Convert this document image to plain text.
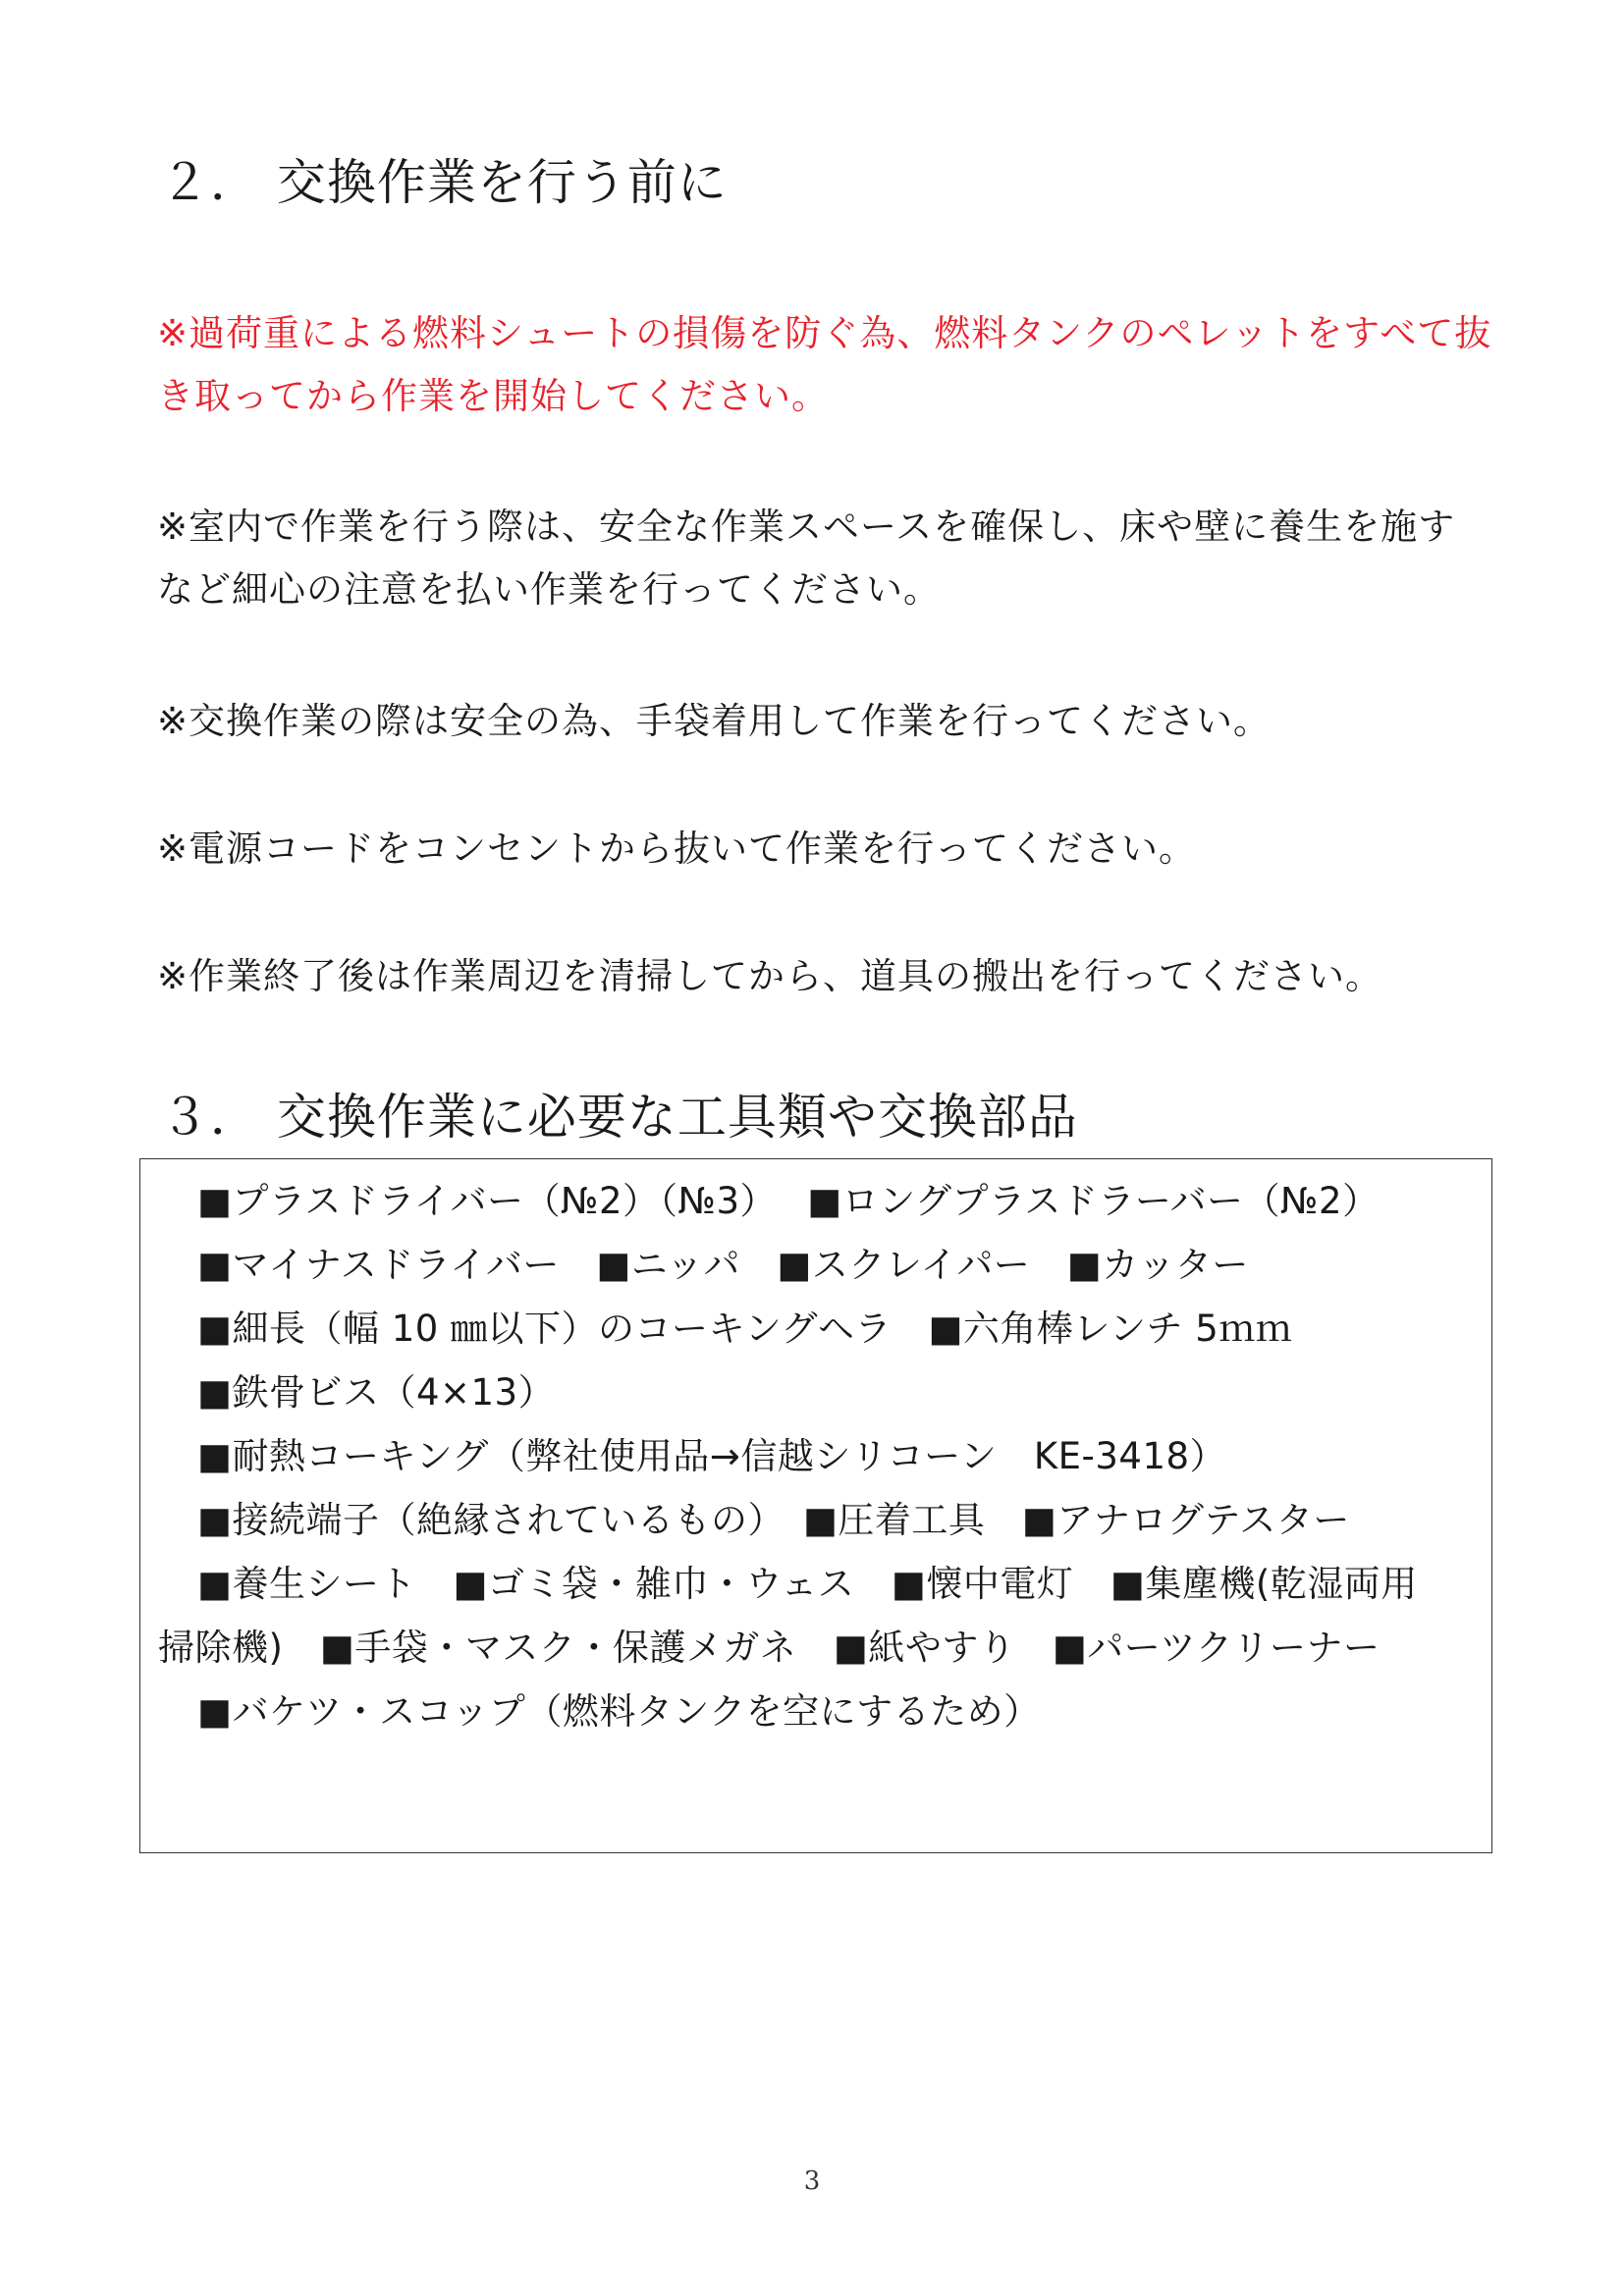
２． 交換作業を行う前に

※過荷重による燃料シュートの損傷を防ぐ為、燃料タンクのペレットをすべて抜き取ってから作業を開始してください。

※室内で作業を行う際は、安全な作業スペースを確保し、床や壁に養生を施すなど細心の注意を払い作業を行ってください。

※交換作業の際は安全の為、手袋着用して作業を行ってください。

※電源コードをコンセントから抜いて作業を行ってください。

※作業終了後は作業周辺を清掃してから、道具の搬出を行ってください。

３． 交換作業に必要な工具類や交換部品
■プラスドライバー（№2）（№3）　 ■ロングプラスドラーバー（№2）
■マイナスドライバー　■ニッパ　■スクレイパー　■カッター
■細長（幅 10 ㎜以下）のコーキングヘラ　■六角棒レンチ 5ｍｍ
■鉄骨ビス（4×13）
■耐熱コーキング（弊社使用品→信越シリコーン　KE-3418）
■接続端子（絶縁されているもの）　■圧着工具　■アナログテスター
■養生シート　■ゴミ袋・雑巾・ウェス　■懐中電灯　■集塵機(乾湿両用
掃除機)　■手袋・マスク・保護メガネ　■紙やすり　■パーツクリーナー
■バケツ・スコップ（燃料タンクを空にするため）
3
